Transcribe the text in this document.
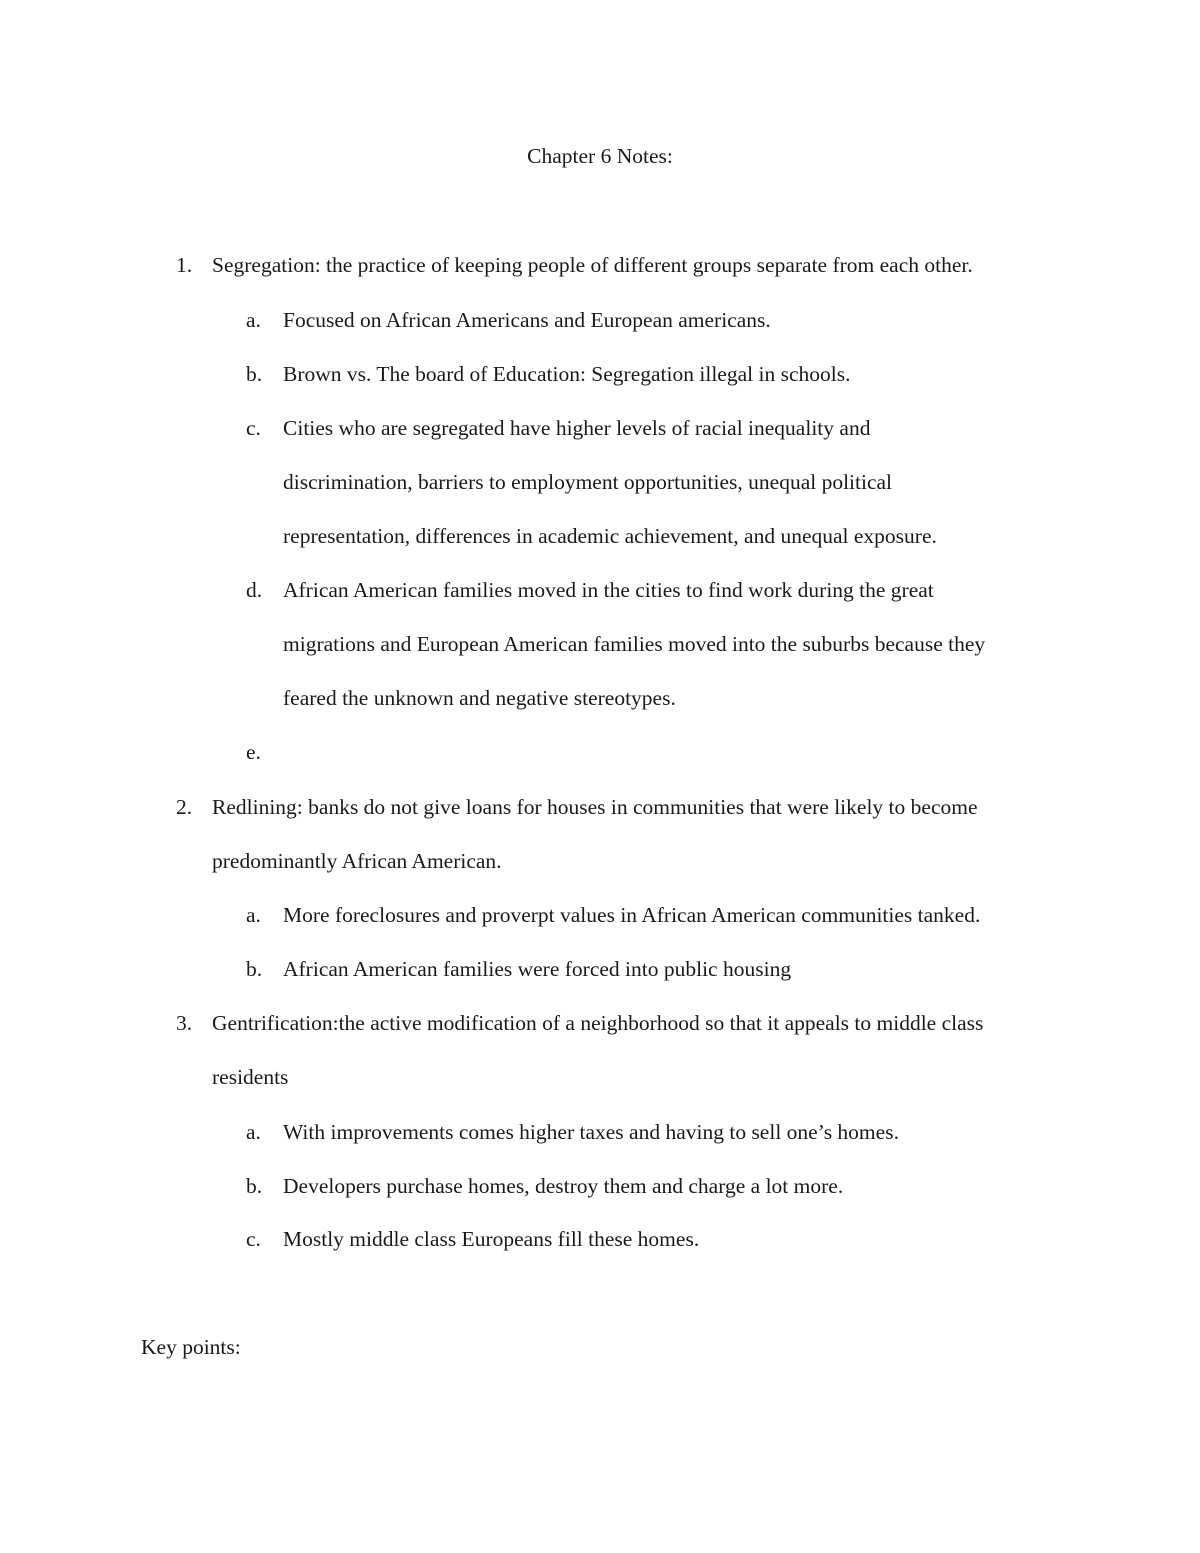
Chapter 6 Notes:
1. Segregation: the practice of keeping people of different groups separate from each other.
a. Focused on African Americans and European americans.
b. Brown vs. The board of Education: Segregation illegal in schools.
c. Cities who are segregated have higher levels of racial inequality and
discrimination, barriers to employment opportunities, unequal political
representation, differences in academic achievement, and unequal exposure.
d. African American families moved in the cities to find work during the great
migrations and European American families moved into the suburbs because they
feared the unknown and negative stereotypes.
e.
2. Redlining: banks do not give loans for houses in communities that were likely to become
predominantly African American.
a. More foreclosures and proverpt values in African American communities tanked.
b. African American families were forced into public housing
3. Gentrification:the active modification of a neighborhood so that it appeals to middle class
residents
a. With improvements comes higher taxes and having to sell one’s homes.
b. Developers purchase homes, destroy them and charge a lot more.
c. Mostly middle class Europeans fill these homes.
Key points:
